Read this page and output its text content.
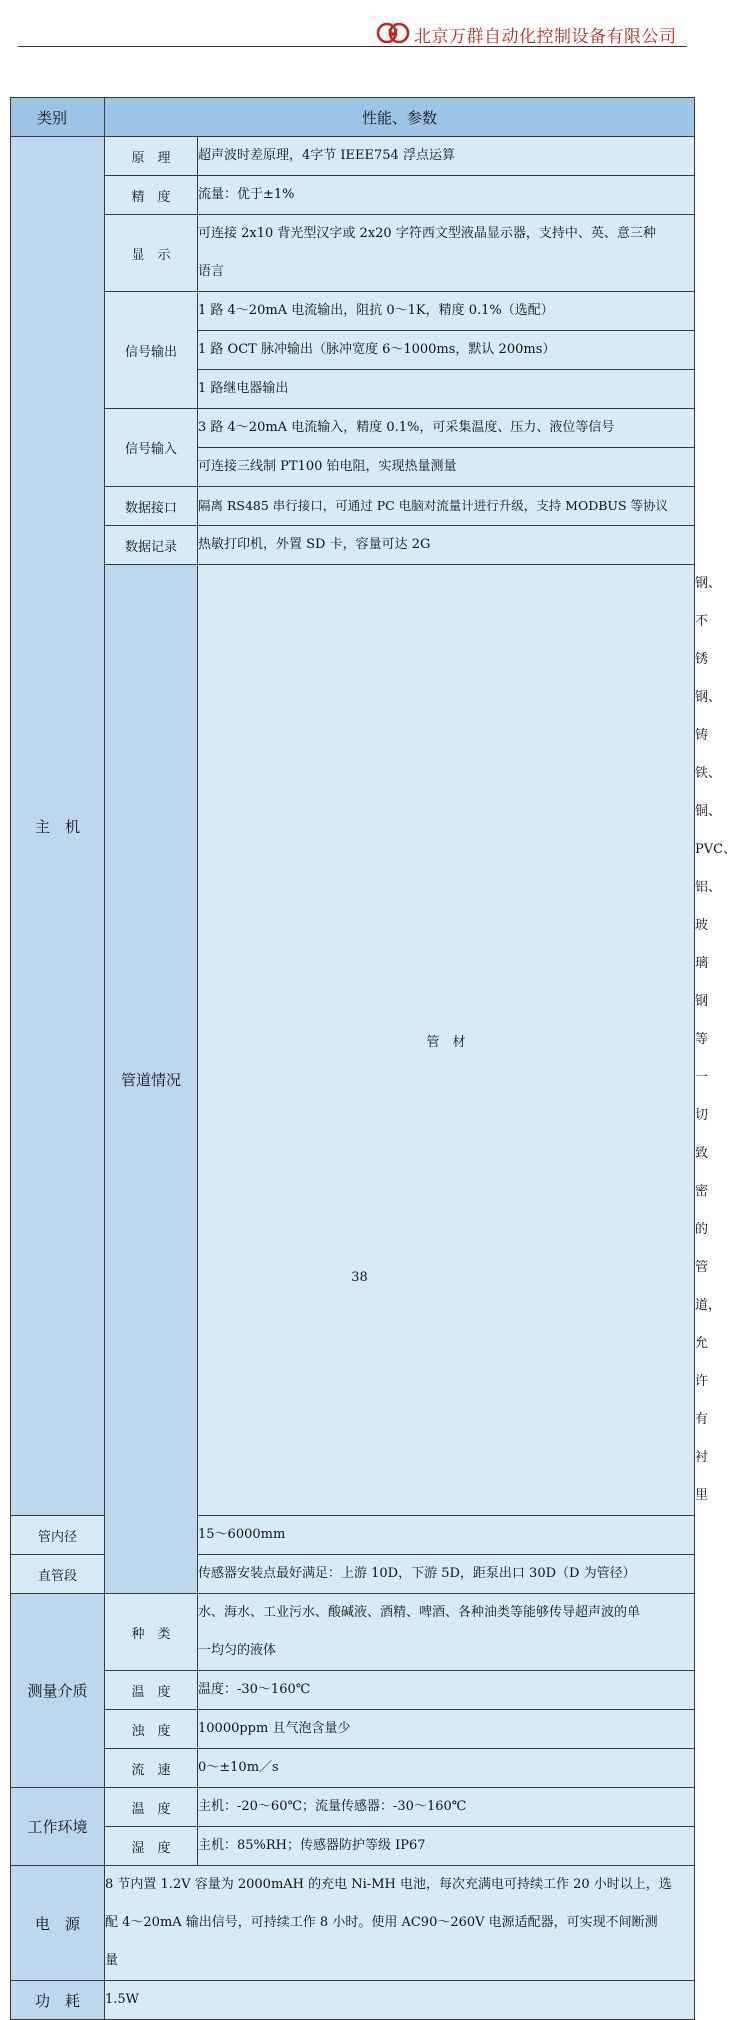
北京万群自动化控制设备有限公司
类别	性能、参数		
主　机	原　理	超声波时差原理，4字节 IEEE754 浮点运算	
	精　度	流量：优于±1%	
	显　示	可连接 2x10 背光型汉字或 2x20 字符西文型液晶显示器，支持中、英、意三种
语言	

	信号输出	1 路 4～20mA 电流输出，阻抗 0～1K，精度 0.1%（选配）	
		1 路 OCT 脉冲输出（脉冲宽度 6～1000ms，默认 200ms）	
		1 路继电器输出	
	信号输入	3 路 4～20mA 电流输入，精度 0.1%，可采集温度、压力、液位等信号	
		可连接三线制 PT100 铂电阻，实现热量测量	
	数据接口	隔离 RS485 串行接口，可通过 PC 电脑对流量计进行升级，支持 MODBUS 等协议	
	数据记录	热敏打印机，外置 SD 卡，容量可达 2G	
	管道情况	管　材	钢、不锈钢、铸铁、铜、PVC、铝、玻璃钢等一切致密的管道，允许有衬里
管内径		15～6000mm	
直管段		传感器安装点最好满足：上游 10D，下游 5D，距泵出口 30D（D 为管径）	
测量介质	种　类	水、海水、工业污水、酸碱液、酒精、啤酒、各种油类等能够传导超声波的单
一均匀的液体	

	温　度	温度：-30～160℃	
	浊　度	10000ppm 且气泡含量少	
	流　速	0～±10m／s	
工作环境	温　度	主机：-20～60℃；流量传感器：-30～160℃	
	湿　度	主机：85%RH；传感器防护等级 IP67	
电　源	8 节内置 1.2V 容量为 2000mAH 的充电 Ni-MH 电池，每次充满电可持续工作 20 小时以上，选
配 4～20mA 输出信号，可持续工作 8 小时。使用 AC90～260V 电源适配器，可实现不间断测
量		

功　耗	1.5W		
38
